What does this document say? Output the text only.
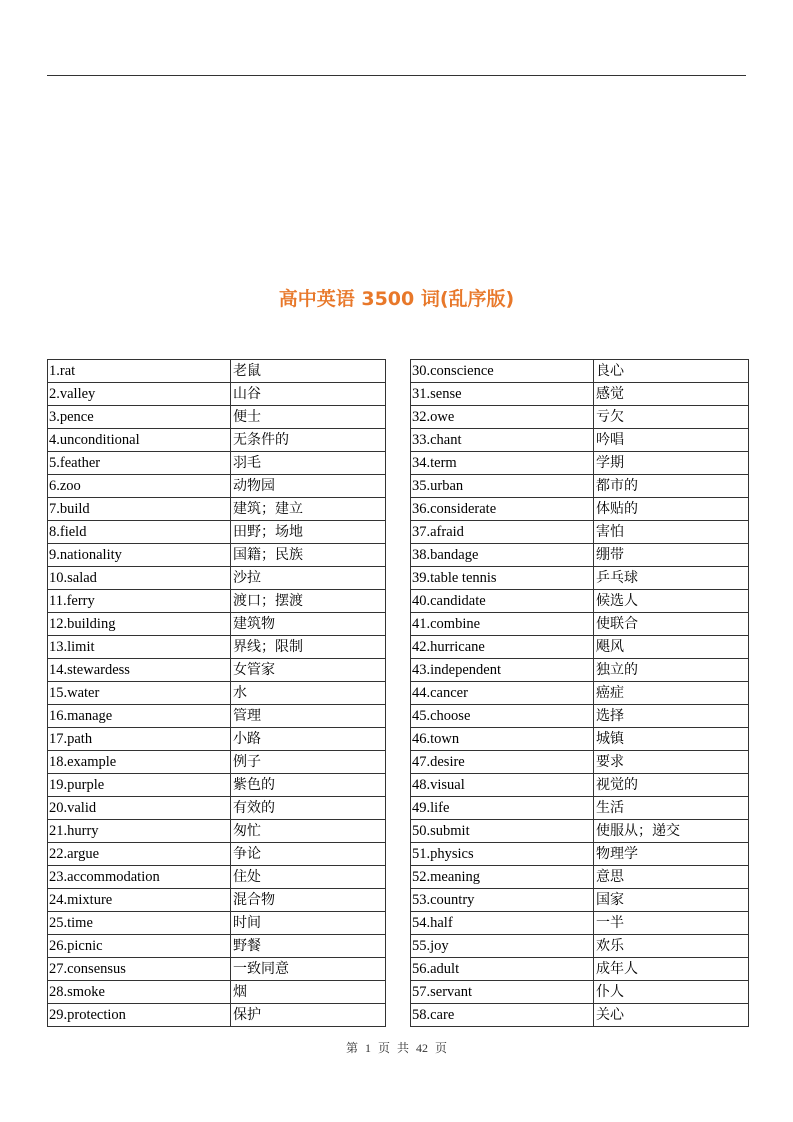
高中英语 3500 词(乱序版)
1.rat	老鼠
2.valley	山谷
3.pence	便士
4.unconditional	无条件的
5.feather	羽毛
6.zoo	动物园
7.build	建筑；建立
8.field	田野；场地
9.nationality	国籍；民族
10.salad	沙拉
11.ferry	渡口；摆渡
12.building	建筑物
13.limit	界线；限制
14.stewardess	女管家
15.water	水
16.manage	管理
17.path	小路
18.example	例子
19.purple	紫色的
20.valid	有效的
21.hurry	匆忙
22.argue	争论
23.accommodation	住处
24.mixture	混合物
25.time	时间
26.picnic	野餐
27.consensus	一致同意
28.smoke	烟
29.protection	保护
30.conscience	良心
31.sense	感觉
32.owe	亏欠
33.chant	吟唱
34.term	学期
35.urban	都市的
36.considerate	体贴的
37.afraid	害怕
38.bandage	绷带
39.table tennis	乒乓球
40.candidate	候选人
41.combine	使联合
42.hurricane	飓风
43.independent	独立的
44.cancer	癌症
45.choose	选择
46.town	城镇
47.desire	要求
48.visual	视觉的
49.life	生活
50.submit	使服从；递交
51.physics	物理学
52.meaning	意思
53.country	国家
54.half	一半
55.joy	欢乐
56.adult	成年人
57.servant	仆人
58.care	关心
第 1 页 共 42 页
